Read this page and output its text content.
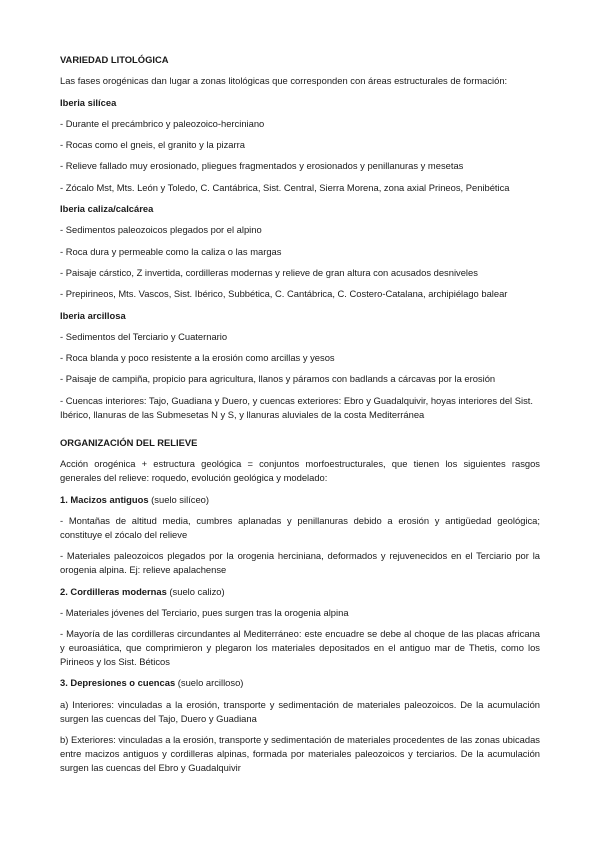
VARIEDAD LITOLÓGICA

Las fases orogénicas dan lugar a zonas litológicas que corresponden con áreas estructurales de formación:

Iberia silícea

- Durante el precámbrico y paleozoico-herciniano

- Rocas como el gneis, el granito y la pizarra

- Relieve fallado muy erosionado, pliegues fragmentados y erosionados y penillanuras y mesetas

- Zócalo Mst, Mts. León y Toledo, C. Cantábrica, Sist. Central, Sierra Morena, zona axial Prineos, Penibética

Iberia caliza/calcárea

- Sedimentos paleozoicos plegados por el alpino

- Roca dura y permeable como la caliza o las margas

- Paisaje cárstico, Z invertida, cordilleras modernas y relieve de gran altura con acusados desniveles

- Prepirineos, Mts. Vascos, Sist. Ibérico, Subbética, C. Cantábrica, C. Costero-Catalana, archipiélago balear

Iberia arcillosa

- Sedimentos del Terciario y Cuaternario

- Roca blanda y poco resistente a la erosión como arcillas y yesos

- Paisaje de campiña, propicio para agricultura, llanos y páramos con badlands a cárcavas por la erosión

- Cuencas interiores: Tajo, Guadiana y Duero, y cuencas exteriores: Ebro y Guadalquivir, hoyas interiores del Sist. Ibérico, llanuras de las Submesetas N y S, y llanuras aluviales de la costa Mediterránea

ORGANIZACIÓN DEL RELIEVE

Acción orogénica + estructura geológica = conjuntos morfoestructurales, que tienen los siguientes rasgos generales del relieve: roquedo, evolución geológica y modelado:

1. Macizos antiguos (suelo silíceo)

- Montañas de altitud media, cumbres aplanadas y penillanuras debido a erosión y antigüedad geológica; constituye el zócalo del relieve

- Materiales paleozoicos plegados por la orogenia herciniana, deformados y rejuvenecidos en el Terciario por la orogenia alpina. Ej: relieve apalachense

2. Cordilleras modernas (suelo calizo)

- Materiales jóvenes del Terciario, pues surgen tras la orogenia alpina

- Mayoría de las cordilleras circundantes al Mediterráneo: este encuadre se debe al choque de las placas africana y euroasiática, que comprimieron y plegaron los materiales depositados en el antiguo mar de Thetis, como los Pirineos y los Sist. Béticos

3. Depresiones o cuencas (suelo arcilloso)

a) Interiores: vinculadas a la erosión, transporte y sedimentación de materiales paleozoicos. De la acumulación surgen las cuencas del Tajo, Duero y Guadiana

b) Exteriores: vinculadas a la erosión, transporte y sedimentación de materiales procedentes de las zonas ubicadas entre macizos antiguos y cordilleras alpinas, formada por materiales paleozoicos y terciarios. De la acumulación surgen las cuencas del Ebro y Guadalquivir
